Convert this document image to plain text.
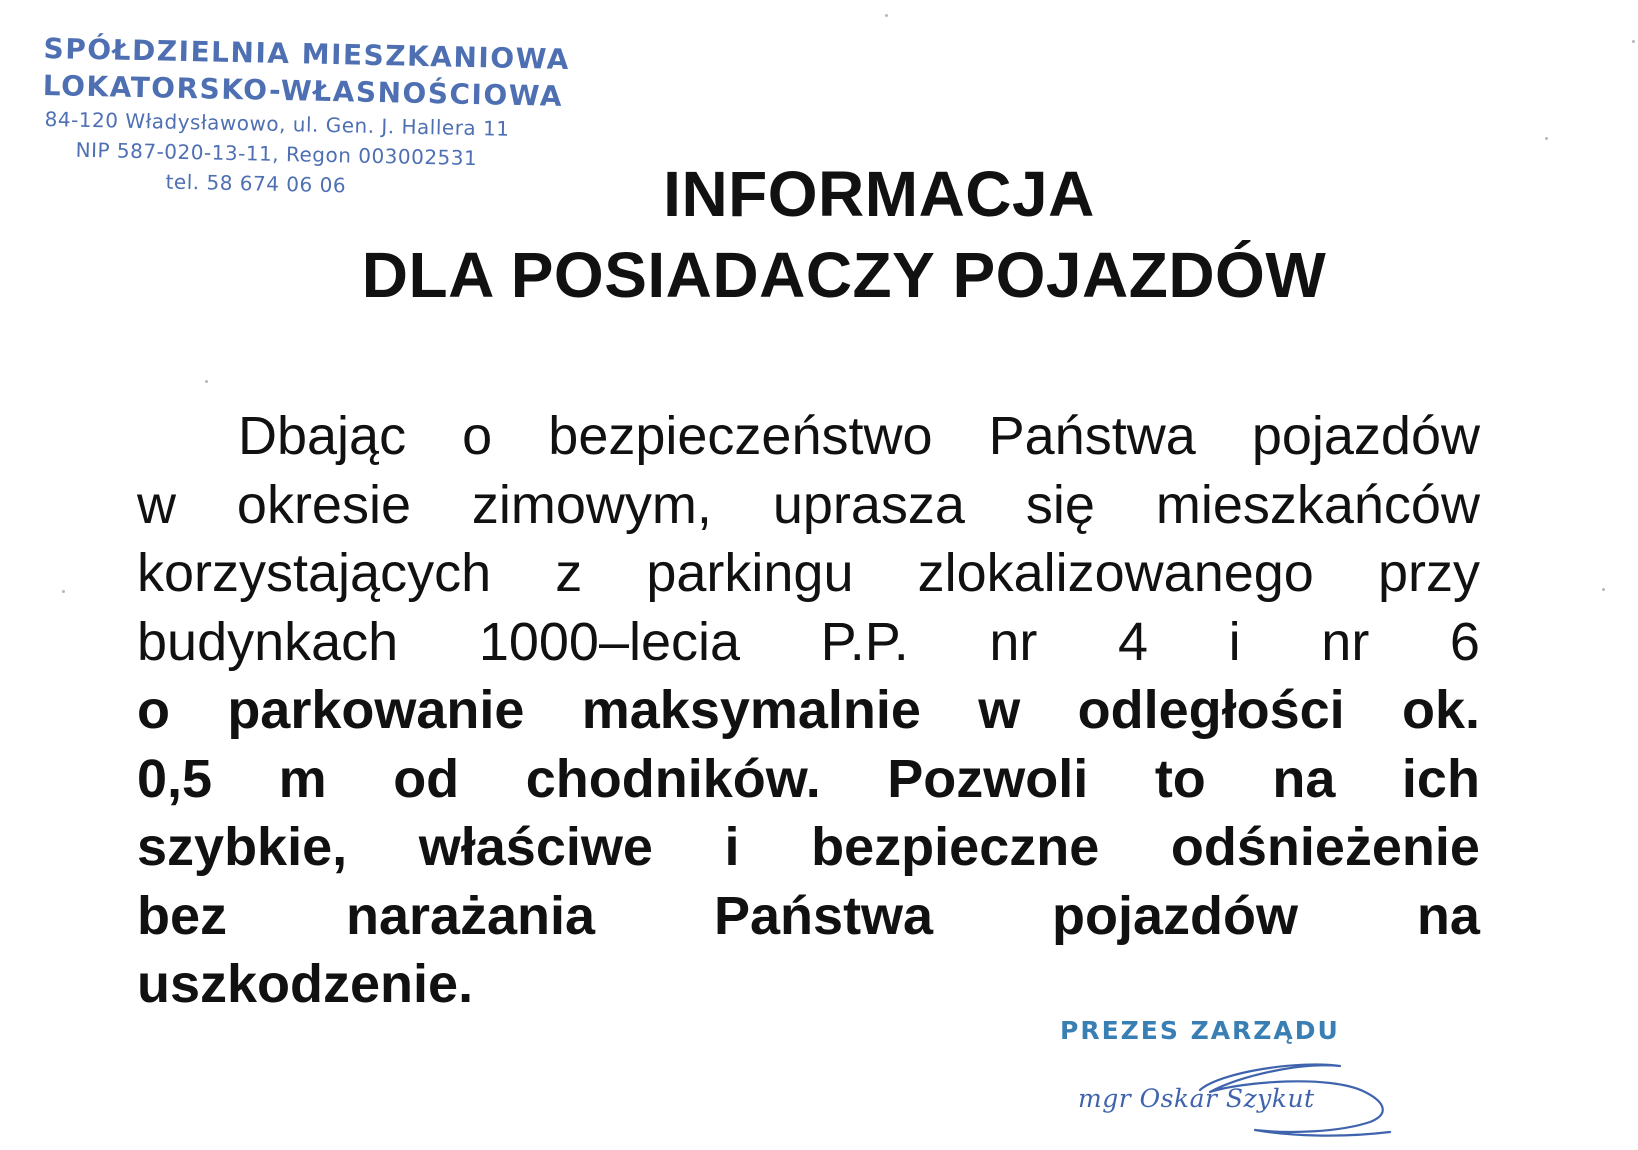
SPÓŁDZIELNIA MIESZKANIOWA
LOKATORSKO-WŁASNOŚCIOWA
84-120 Władysławowo, ul. Gen. J. Hallera 11
NIP 587-020-13-11, Regon 003002531
tel. 58 674 06 06	INFORMACJA
DLA POSIADACZY POJAZDÓW
Dbając o bezpieczeństwo Państwa pojazdów
w okresie zimowym, uprasza się mieszkańców
korzystających z parkingu zlokalizowanego przy
budynkach 1000–lecia P.P. nr 4 i nr 6
o parkowanie maksymalnie w odległości ok.
0,5 m od chodników. Pozwoli to na ich
szybkie, właściwe i bezpieczne odśnieżenie
bez narażania Państwa pojazdów na
uszkodzenie.
PREZES ZARZĄDU
mgr Oskar Szykut
